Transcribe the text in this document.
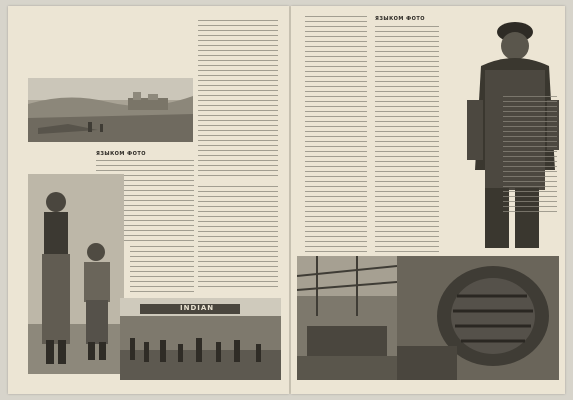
ЯЗЫКОМ ФОТО
INDIAN
ЯЗЫКОМ ФОТО
